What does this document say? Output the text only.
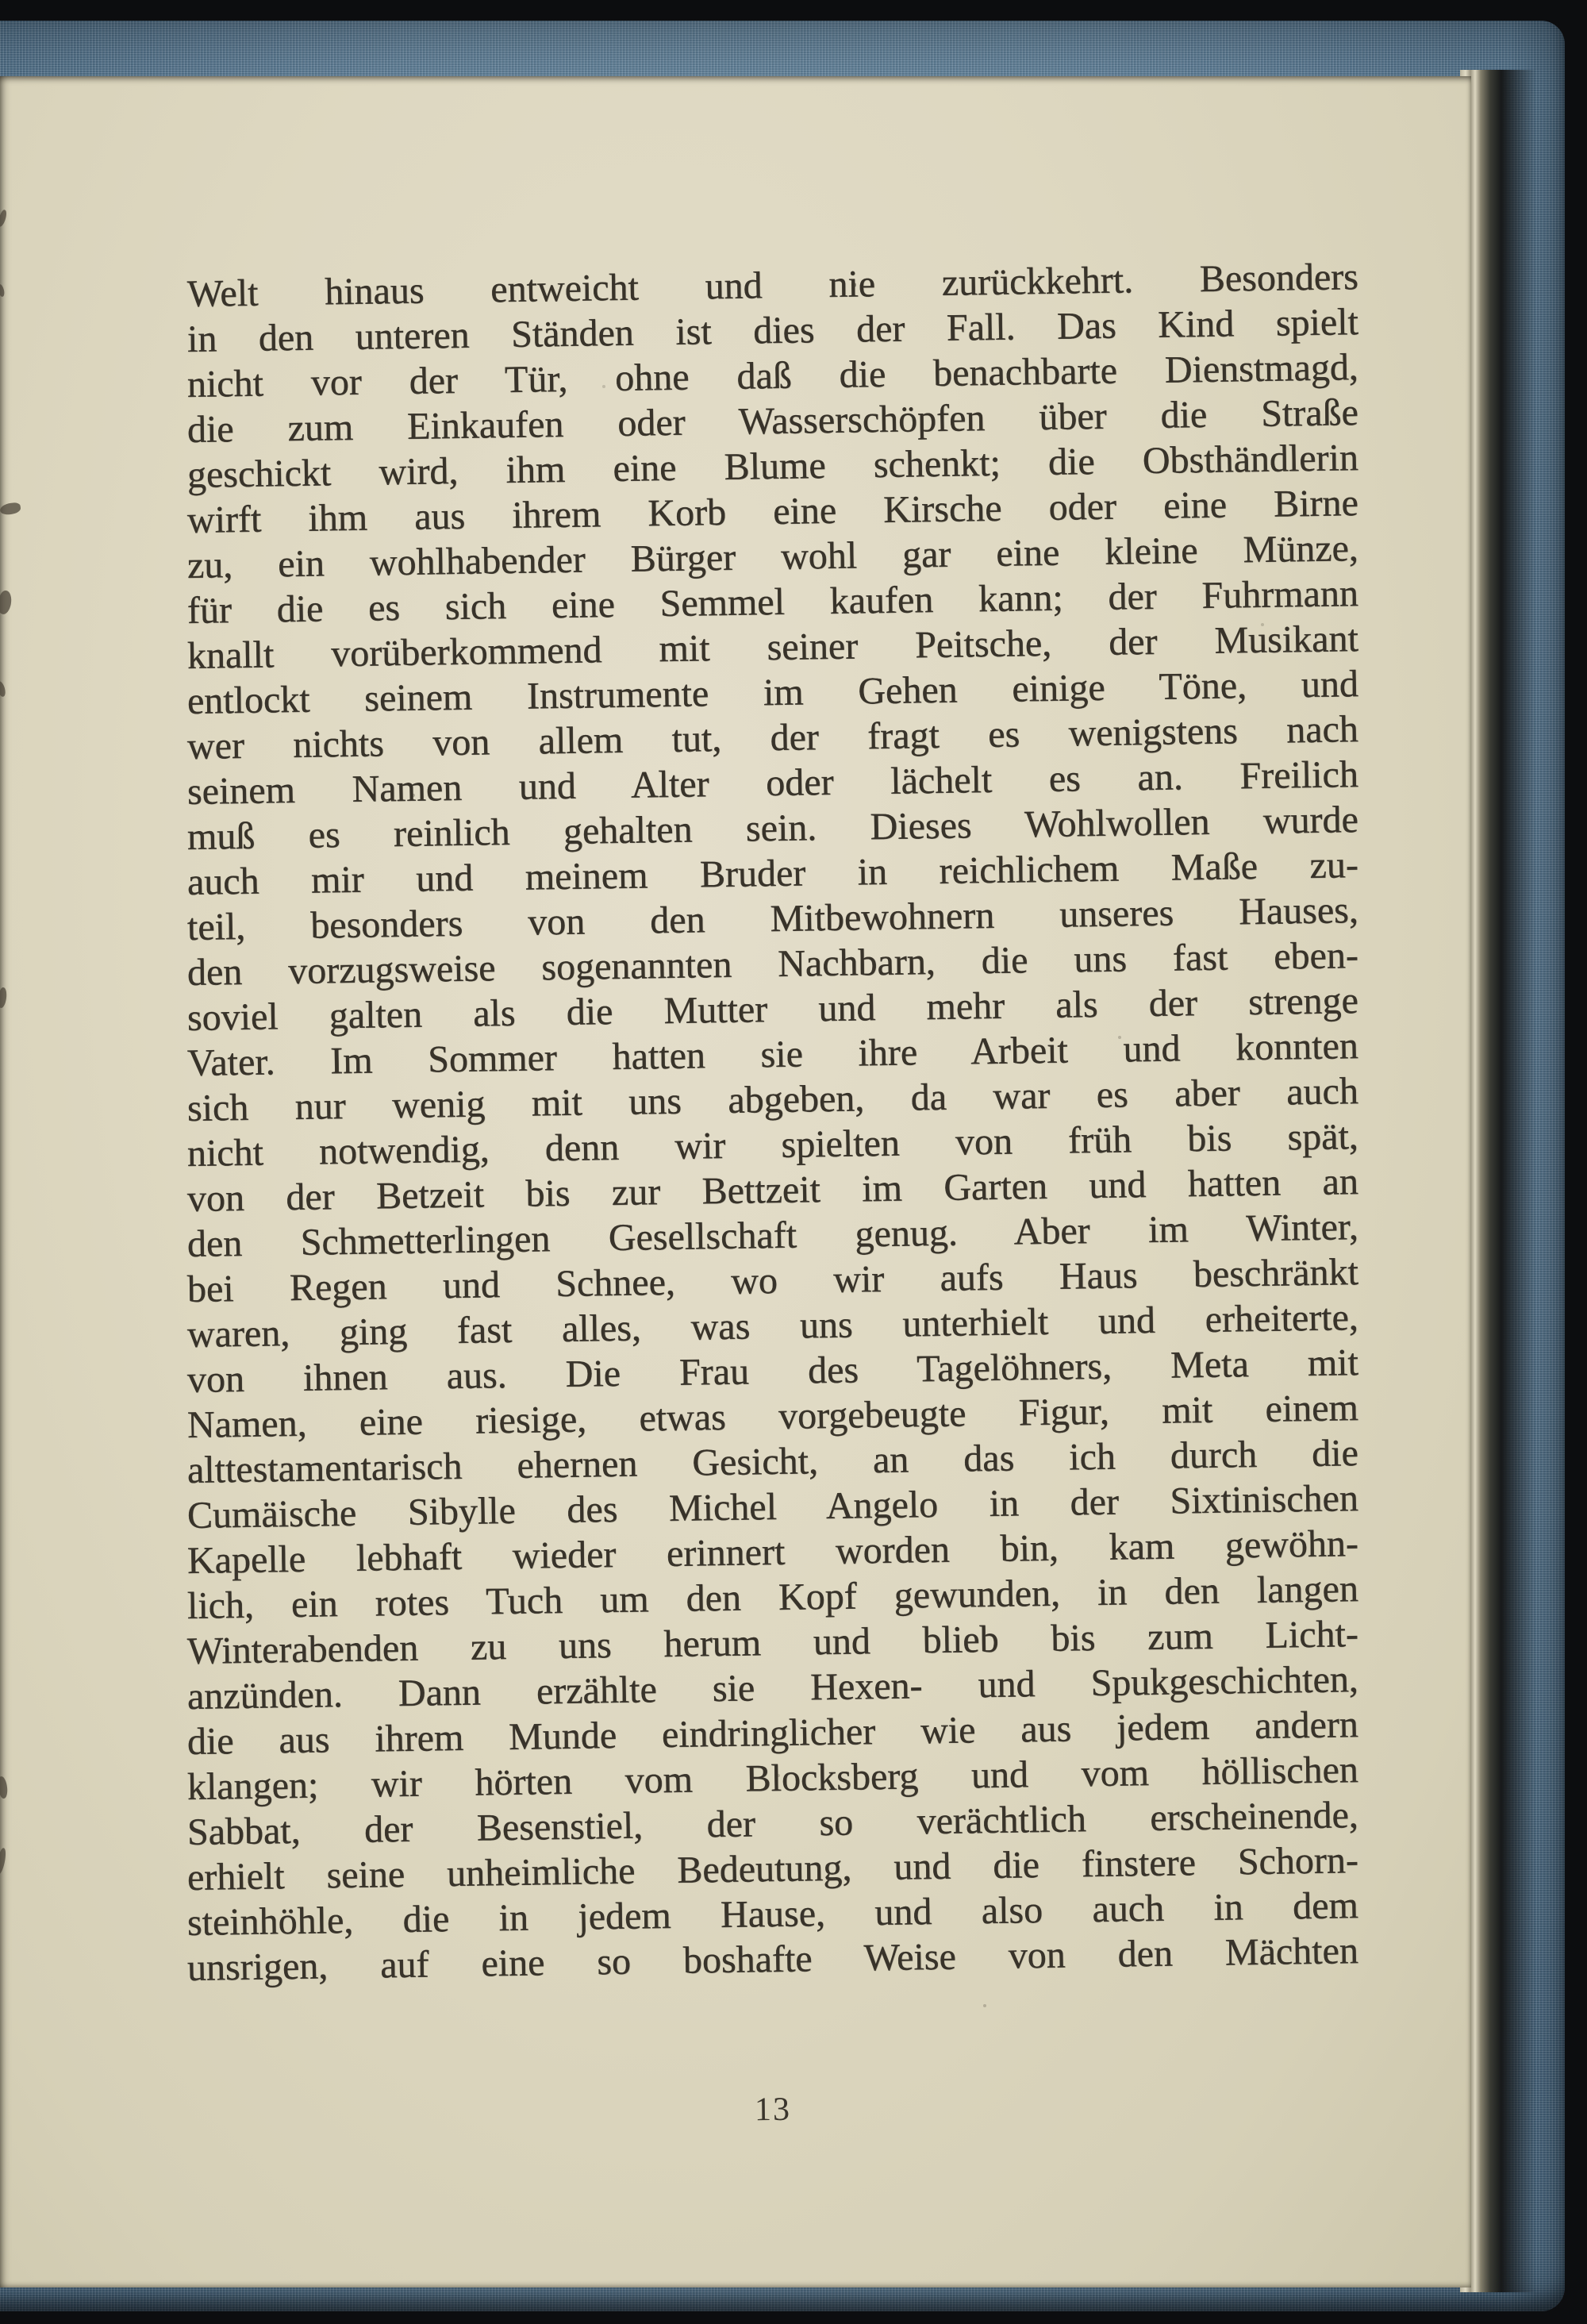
Welt hinaus entweicht und nie zurückkehrt. Besonders
in den unteren Ständen ist dies der Fall. Das Kind spielt
nicht vor der Tür, ohne daß die benachbarte Dienstmagd,
die zum Einkaufen oder Wasserschöpfen über die Straße
geschickt wird, ihm eine Blume schenkt; die Obsthändlerin
wirft ihm aus ihrem Korb eine Kirsche oder eine Birne
zu, ein wohlhabender Bürger wohl gar eine kleine Münze,
für die es sich eine Semmel kaufen kann; der Fuhrmann
knallt vorüberkommend mit seiner Peitsche, der Musikant
entlockt seinem Instrumente im Gehen einige Töne, und
wer nichts von allem tut, der fragt es wenigstens nach
seinem Namen und Alter oder lächelt es an. Freilich
muß es reinlich gehalten sein. Dieses Wohlwollen wurde
auch mir und meinem Bruder in reichlichem Maße zu-
teil, besonders von den Mitbewohnern unseres Hauses,
den vorzugsweise sogenannten Nachbarn, die uns fast eben-
soviel galten als die Mutter und mehr als der strenge
Vater. Im Sommer hatten sie ihre Arbeit und konnten
sich nur wenig mit uns abgeben, da war es aber auch
nicht notwendig, denn wir spielten von früh bis spät,
von der Betzeit bis zur Bettzeit im Garten und hatten an
den Schmetterlingen Gesellschaft genug. Aber im Winter,
bei Regen und Schnee, wo wir aufs Haus beschränkt
waren, ging fast alles, was uns unterhielt und erheiterte,
von ihnen aus. Die Frau des Tagelöhners, Meta mit
Namen, eine riesige, etwas vorgebeugte Figur, mit einem
alttestamentarisch ehernen Gesicht, an das ich durch die
Cumäische Sibylle des Michel Angelo in der Sixtinischen
Kapelle lebhaft wieder erinnert worden bin, kam gewöhn-
lich, ein rotes Tuch um den Kopf gewunden, in den langen
Winterabenden zu uns herum und blieb bis zum Licht-
anzünden. Dann erzählte sie Hexen- und Spukgeschichten,
die aus ihrem Munde eindringlicher wie aus jedem andern
klangen; wir hörten vom Blocksberg und vom höllischen
Sabbat, der Besenstiel, der so verächtlich erscheinende,
erhielt seine unheimliche Bedeutung, und die finstere Schorn-
steinhöhle, die in jedem Hause, und also auch in dem
unsrigen, auf eine so boshafte Weise von den Mächten
13
